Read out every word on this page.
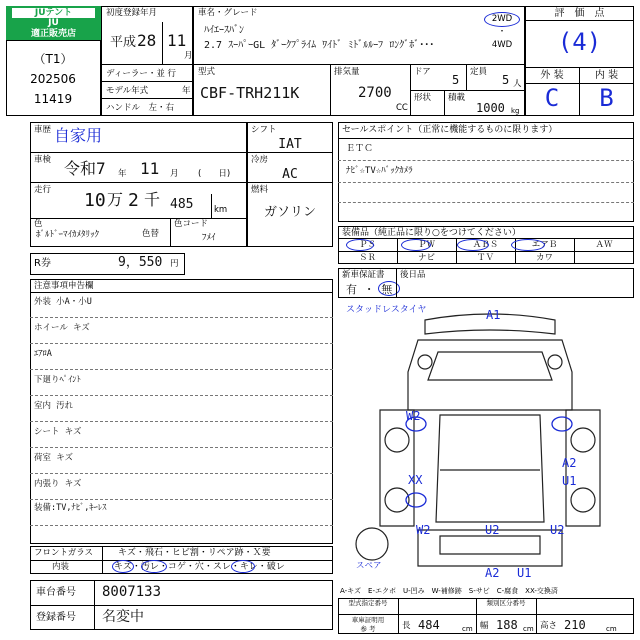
JUテント
JU
適正販売店
（T1）
202506
11419
初度登録年月
平成 28 11
月
ディーラー・並 行
モデル年式	年
ハンドル　左・右
車名・グレード
ﾊｲｴｰｽﾊﾞﾝ
2.7 ｽｰﾊﾟｰGL ﾀﾞｰｸﾌﾟﾗｲﾑ ﾜｲﾄﾞ ﾐﾄﾞﾙﾙｰﾌ ﾛﾝｸﾞﾎﾞ･･･
2WD
・
4WD
型式
CBF-TRH211K
排気量
2700
CC
ドア
5
定員
5 人
形状 積載
1000 kg
評　価　点
(4)
外 装	内 装
C	B
車歴 自家用
車検 令和7 年 11 月 (　　日)
走行 10 万 2 千 485 km
色
ﾎﾞﾙﾄﾞｰﾏｲｶﾒﾀﾘｯｸ	色替
色コード
ﾌﾒｲ
シフト
IAT
冷房
AC
燃料
ガソリン
R券	9，550 円
セールスポイント（正常に機能するものに限ります）
ＥＴＣ
ﾅﾋﾞ☆TV☆ﾊﾞｯｸｶﾒﾗ
装備品（純正品に限り○をつけてください）
ＰＳ	ＰＷ	ＡＢＳ	エアＢ	ＡＷ
ＳＲ	ナビ	ＴＶ	カワ
新車保証書
有 ・ 無
後日品
注意事項申告欄
外装 小A・小U
ホイール キズ
ｴｱﾛA
下廻りﾍﾟｲﾝﾄ
室内 汚れ
シート キズ
荷室 キズ
内張り キズ
装備:TV,ﾅﾋﾞ,ｷｰﾚｽ
スタッドレスタイヤ	A1
W2
XX
W2	U2
A2
U1
U2
A2 U1
スペア
フロントガラス	キズ・飛石・ヒビ割・リペア跡・Ｘ要
内装	キズ・汚レ・コゲ・穴・スレ・キレ・破レ
A-キズ　E-エクボ　U-凹み　W-補修跡　S-サビ　C-腐食　XX-交換済
車台番号 8007133
登録番号 名変中
型式指定番号	類別区分番号
車庫証明用
参 考	長 484	cm 幅 188 cm 高さ 210	cm
